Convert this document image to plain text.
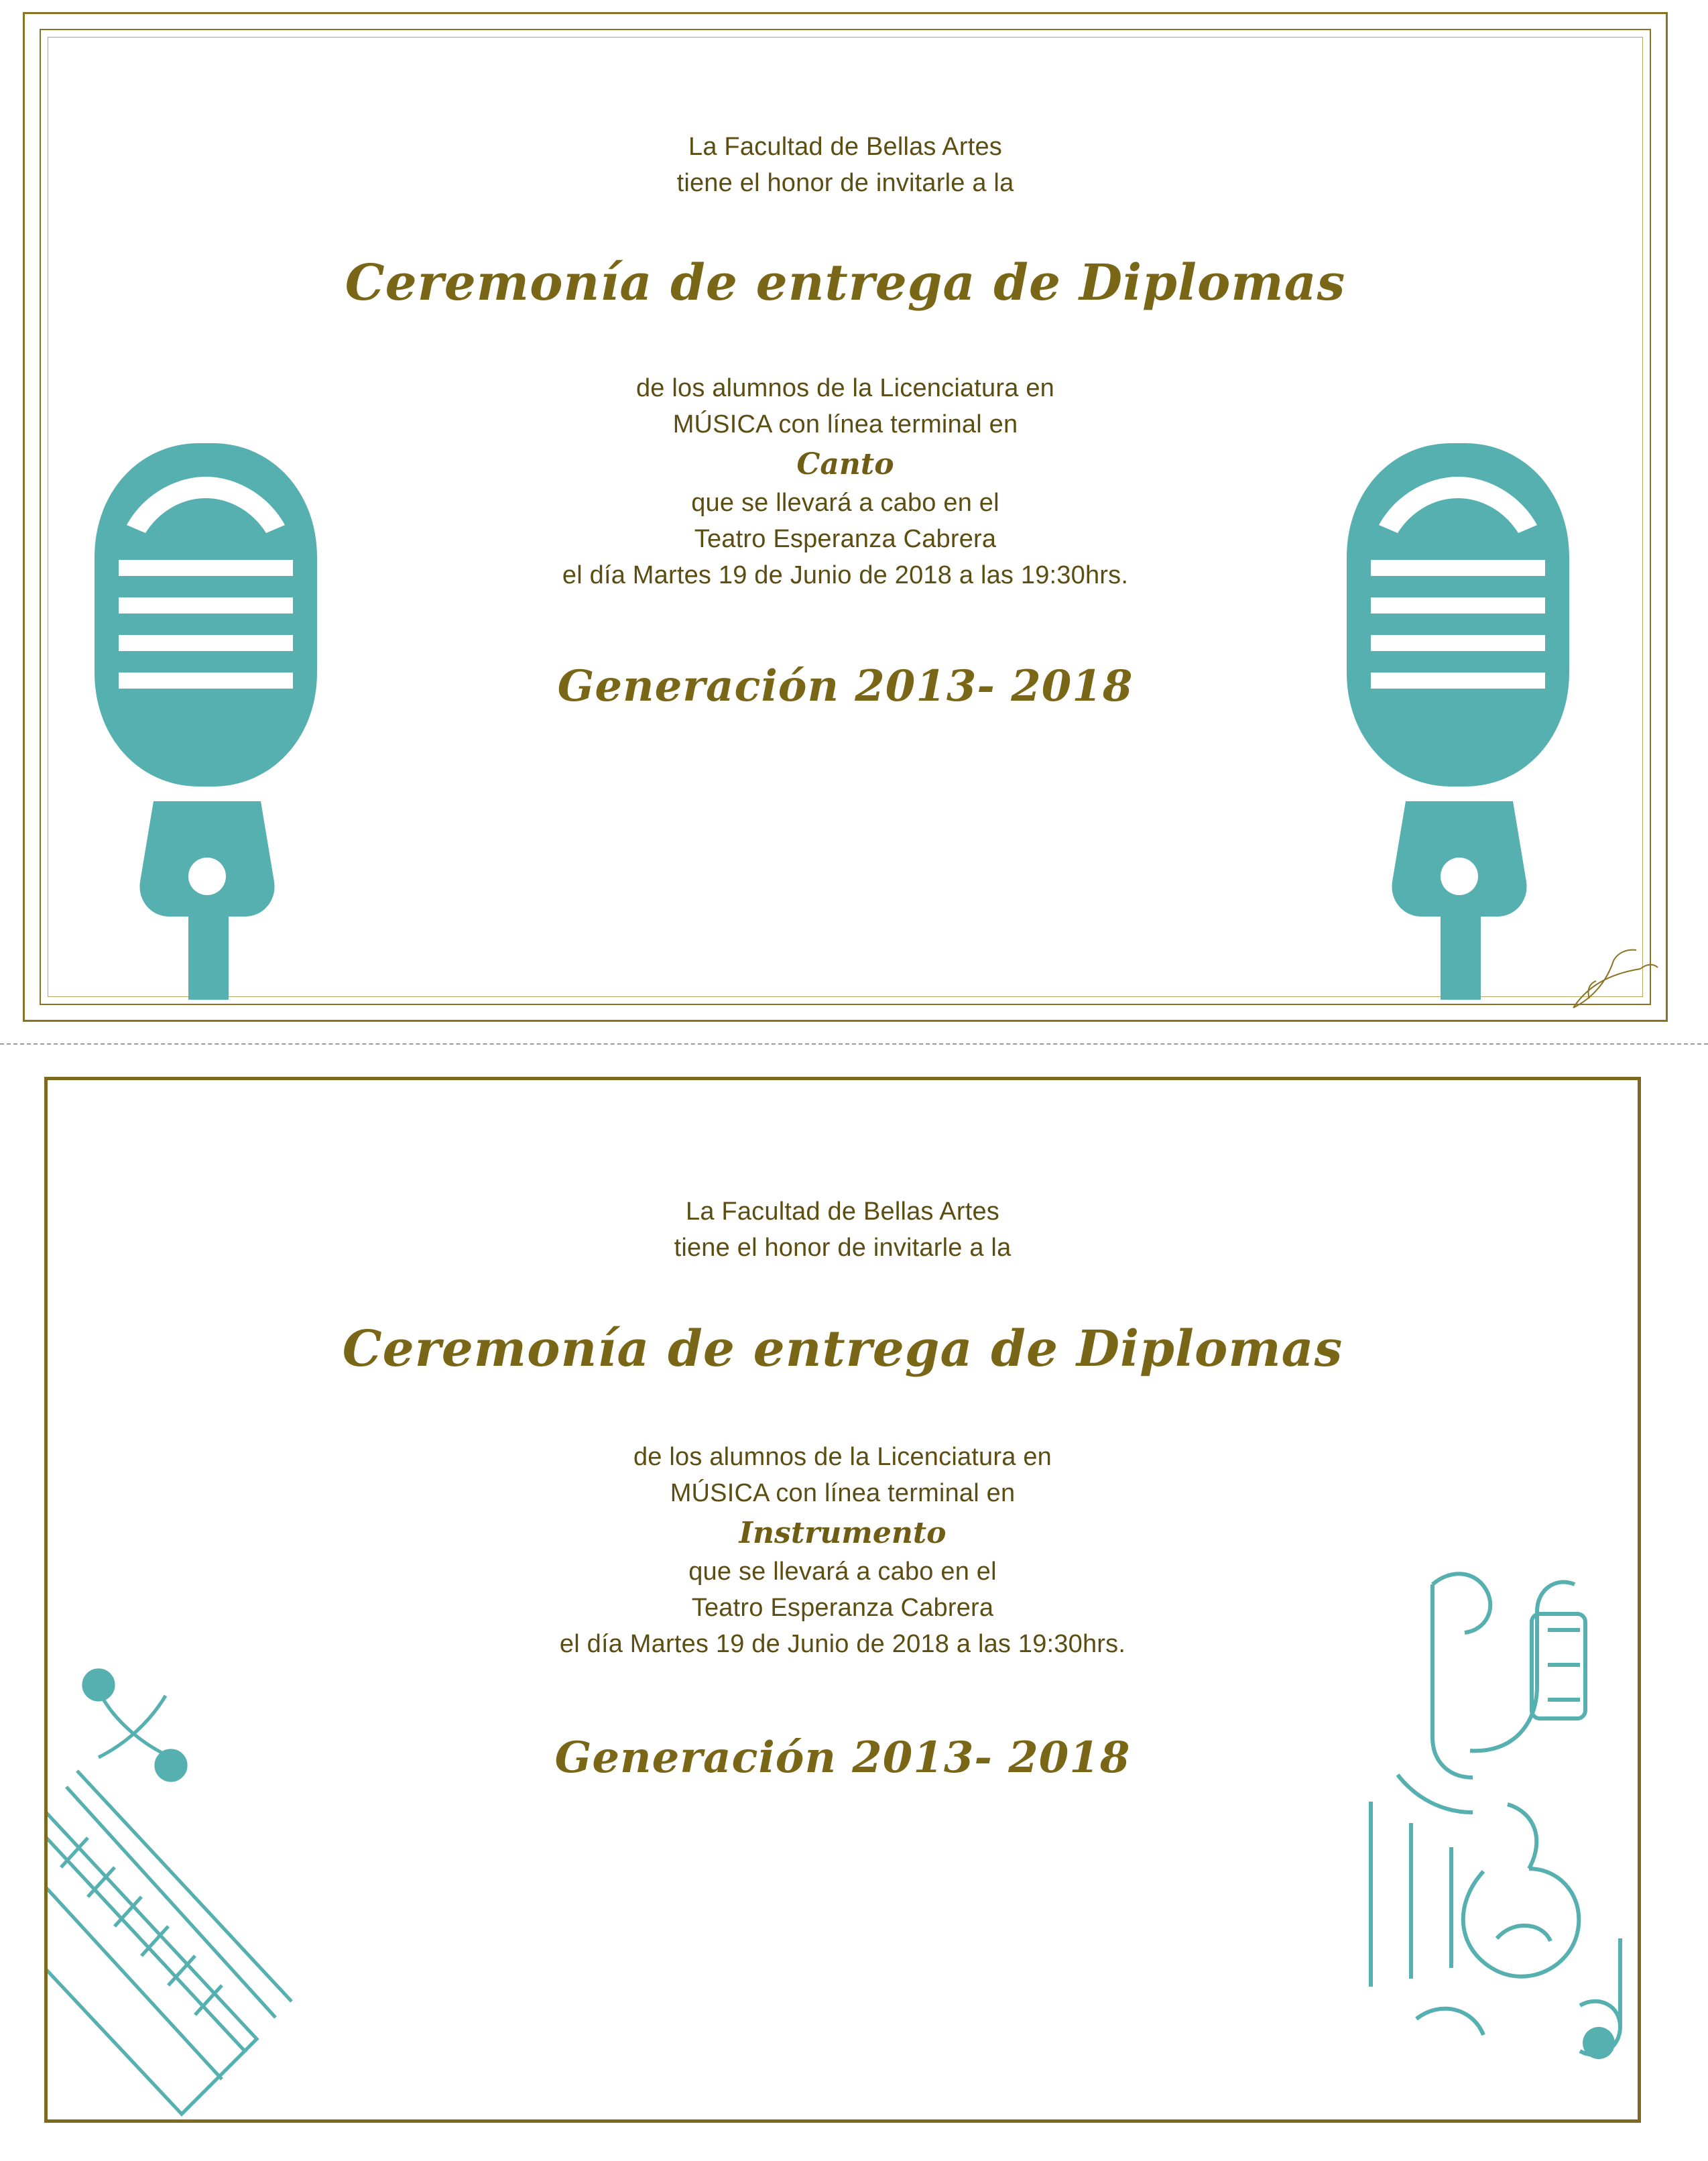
La Facultad de Bellas Artes
tiene el honor de invitarle a la
Ceremonía de entrega de Diplomas
de los alumnos de la Licenciatura en
MÚSICA con línea terminal en
Canto
que se llevará a cabo en el
Teatro Esperanza Cabrera
el día Martes 19 de Junio de 2018 a las 19:30hrs.
Generación 2013- 2018
La Facultad de Bellas Artes
tiene el honor de invitarle a la
Ceremonía de entrega de Diplomas
de los alumnos de la Licenciatura en
MÚSICA con línea terminal en
Instrumento
que se llevará a cabo en el
Teatro Esperanza Cabrera
el día Martes 19 de Junio de 2018 a las 19:30hrs.
Generación 2013- 2018
